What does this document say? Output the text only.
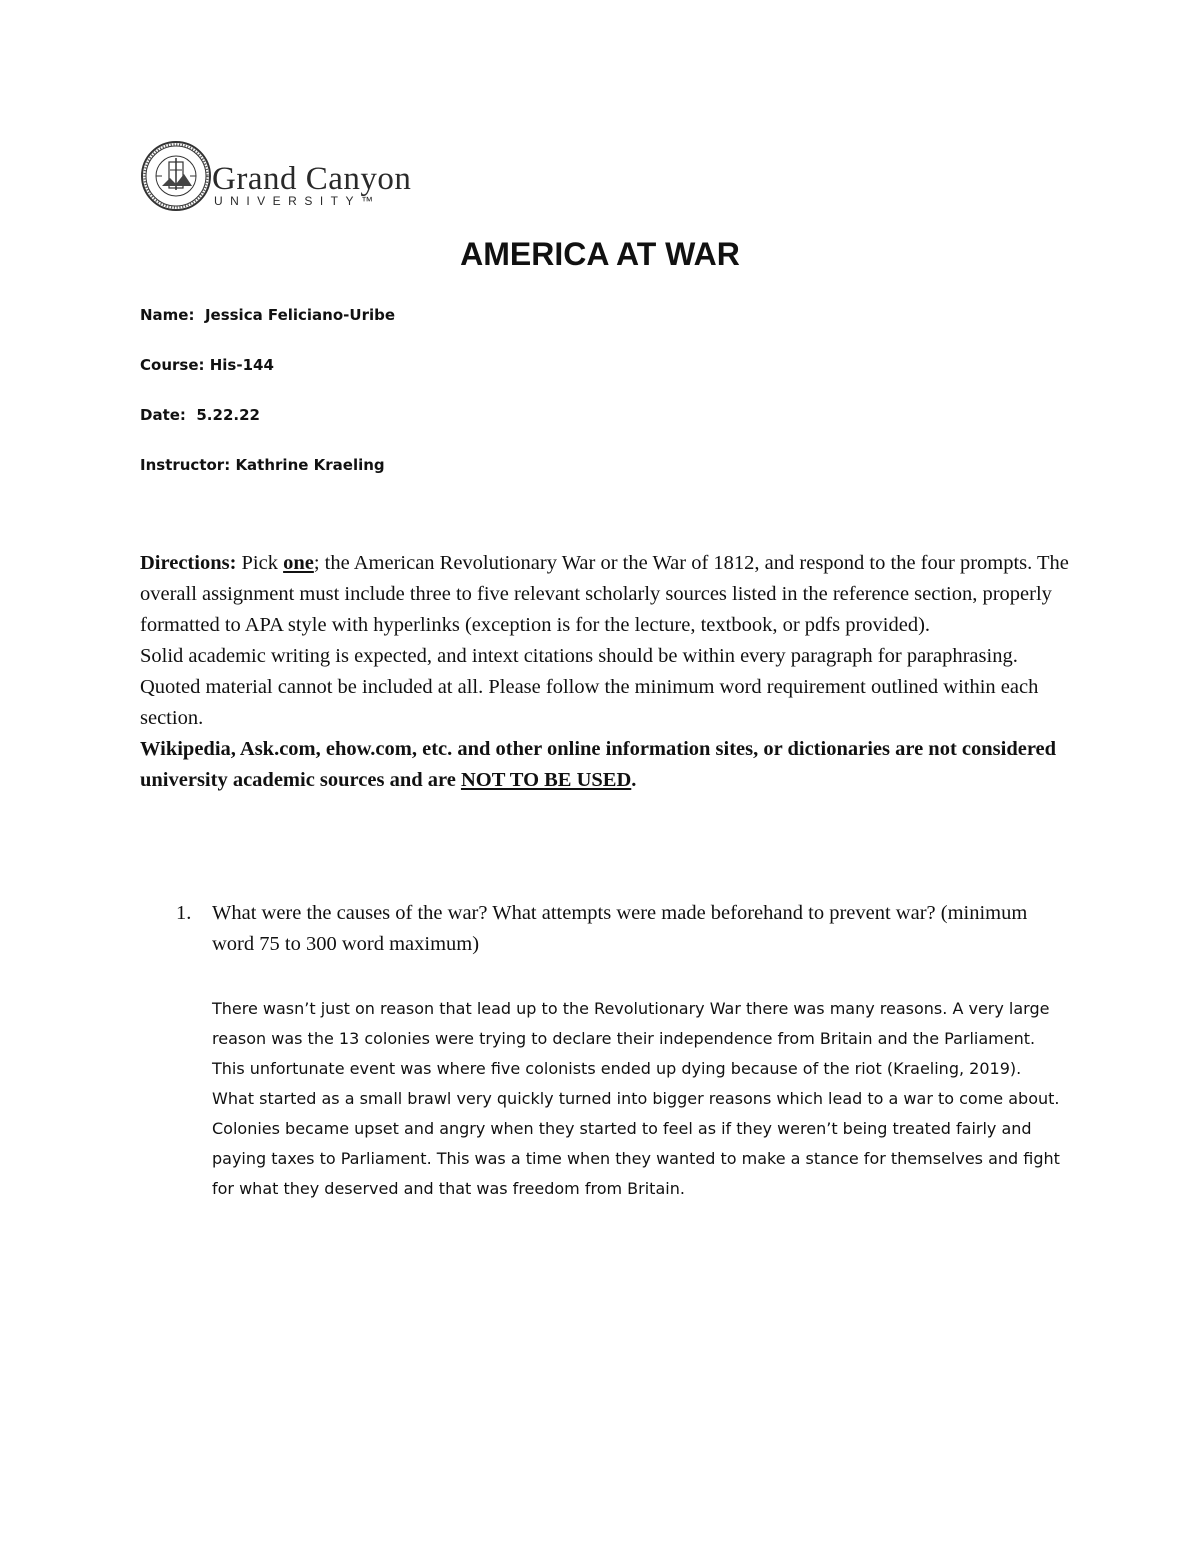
Grand Canyon
UNIVERSITY™
AMERICA AT WAR
Name: Jessica Feliciano-Uribe
Course: His-144
Date: 5.22.22
Instructor: Kathrine Kraeling

Directions: Pick one; the American Revolutionary War or the War of 1812, and respond to the four prompts. The overall assignment must include three to five relevant scholarly sources listed in the reference section, properly formatted to APA style with hyperlinks (exception is for the lecture, textbook, or pdfs provided).

Solid academic writing is expected, and intext citations should be within every paragraph for paraphrasing. Quoted material cannot be included at all. Please follow the minimum word requirement outlined within each section.

Wikipedia, Ask.com, ehow.com, etc. and other online information sites, or dictionaries are not considered university academic sources and are NOT TO BE USED.

1. What were the causes of the war? What attempts were made beforehand to prevent war? (minimum word 75 to 300 word maximum)

There wasn’t just on reason that lead up to the Revolutionary War there was many reasons. A very large reason was the 13 colonies were trying to declare their independence from Britain and the Parliament. This unfortunate event was where five colonists ended up dying because of the riot (Kraeling, 2019). What started as a small brawl very quickly turned into bigger reasons which lead to a war to come about. Colonies became upset and angry when they started to feel as if they weren’t being treated fairly and paying taxes to Parliament. This was a time when they wanted to make a stance for themselves and fight for what they deserved and that was freedom from Britain.
